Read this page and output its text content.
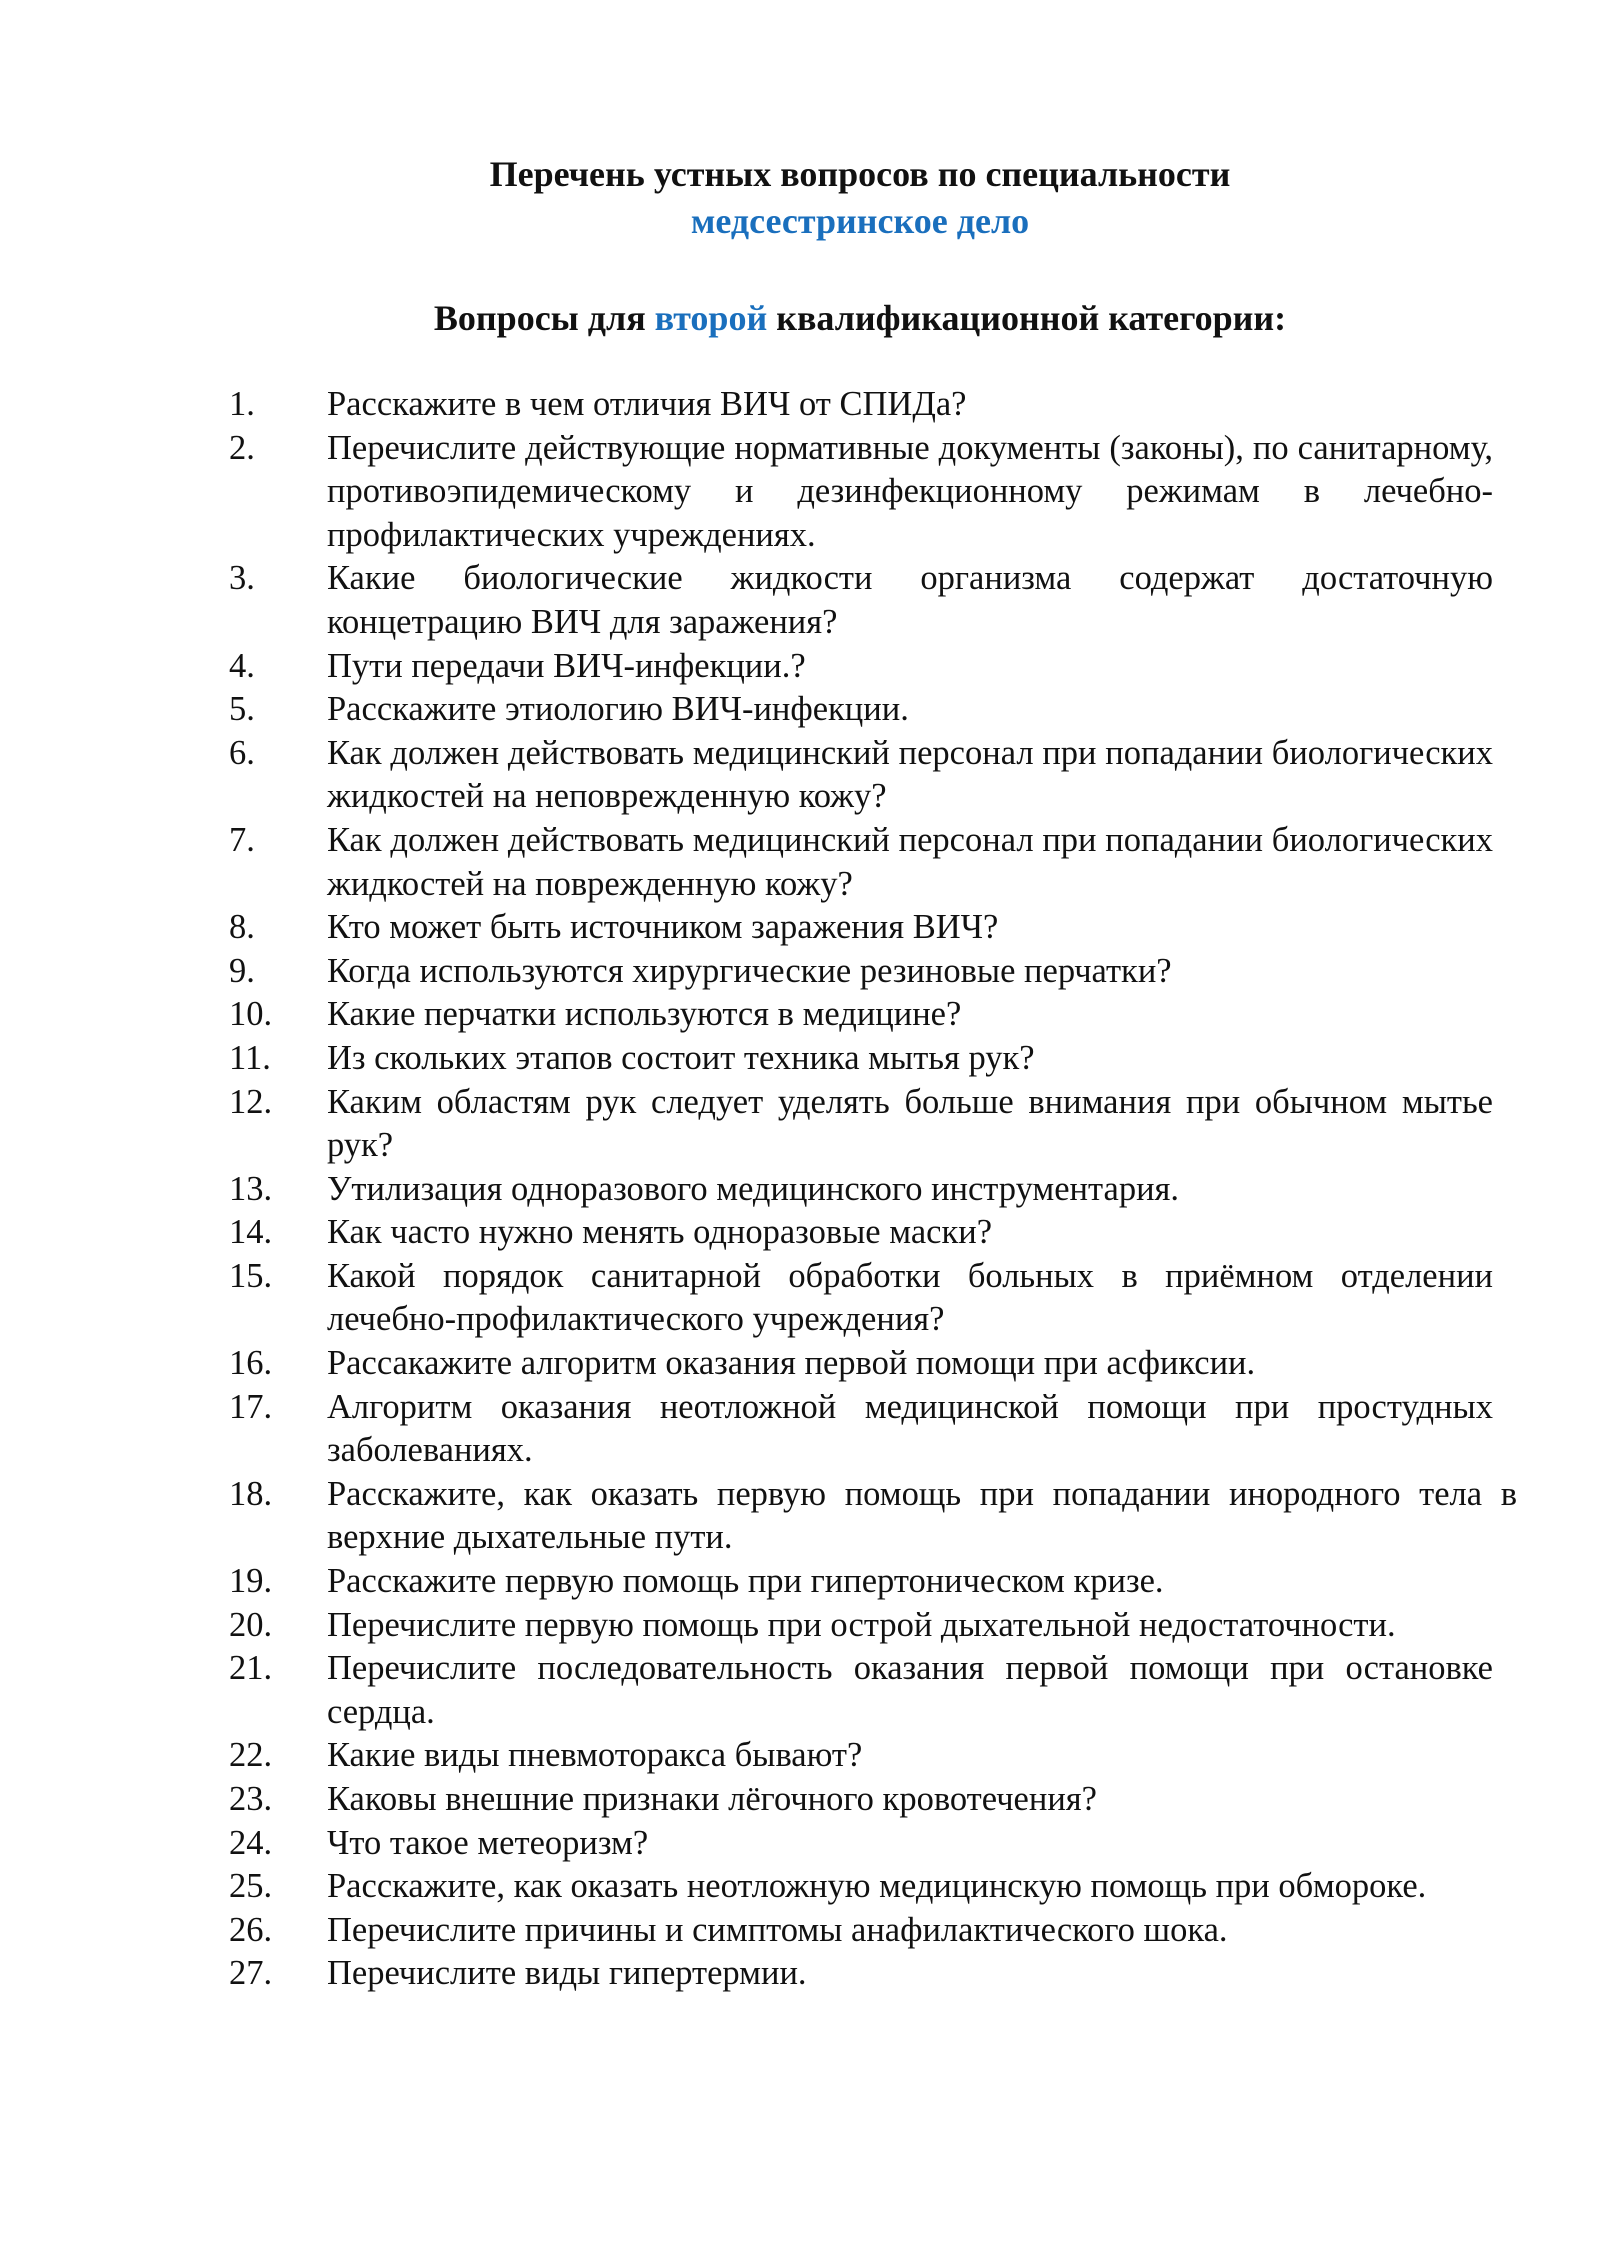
Перечень устных вопросов по специальности
медсестринское дело
Вопросы для второй квалификационной категории:
1. Расскажите в чем отличия ВИЧ от СПИДа?
2. Перечислите действующие нормативные документы (законы), по санитарному, противоэпидемическому и дезинфекционному режимам в лечебно-профилактических учреждениях.
3. Какие биологические жидкости организма содержат достаточную концетрацию ВИЧ для заражения?
4. Пути передачи ВИЧ-инфекции.?
5. Расскажите этиологию ВИЧ-инфекции.
6. Как должен действовать медицинский персонал при попадании биологических жидкостей на неповрежденную кожу?
7. Как должен действовать медицинский персонал при попадании биологических жидкостей на поврежденную кожу?
8. Кто может быть источником заражения ВИЧ?
9. Когда используются хирургические резиновые перчатки?
10. Какие перчатки используются в медицине?
11. Из скольких этапов состоит техника мытья рук?
12. Каким областям рук следует уделять больше внимания при обычном мытье рук?
13. Утилизация одноразового медицинского инструментария.
14. Как часто нужно менять одноразовые маски?
15. Какой порядок санитарной обработки больных в приёмном отделении лечебно-профилактического учреждения?
16. Рассакажите алгоритм оказания первой помощи при асфиксии.
17. Алгоритм оказания неотложной медицинской помощи при простудных заболеваниях.
18. Расскажите, как оказать первую помощь при попадании инородного тела в верхние дыхательные пути.
19. Расскажите первую помощь при гипертоническом кризе.
20. Перечислите первую помощь при острой дыхательной недостаточности.
21. Перечислите последовательность оказания первой помощи при остановке сердца.
22. Какие виды пневмоторакса бывают?
23. Каковы внешние признаки лёгочного кровотечения?
24. Что такое метеоризм?
25. Расскажите, как оказать неотложную медицинскую помощь при обмороке.
26. Перечислите причины и симптомы анафилактического шока.
27. Перечислите виды гипертермии.
